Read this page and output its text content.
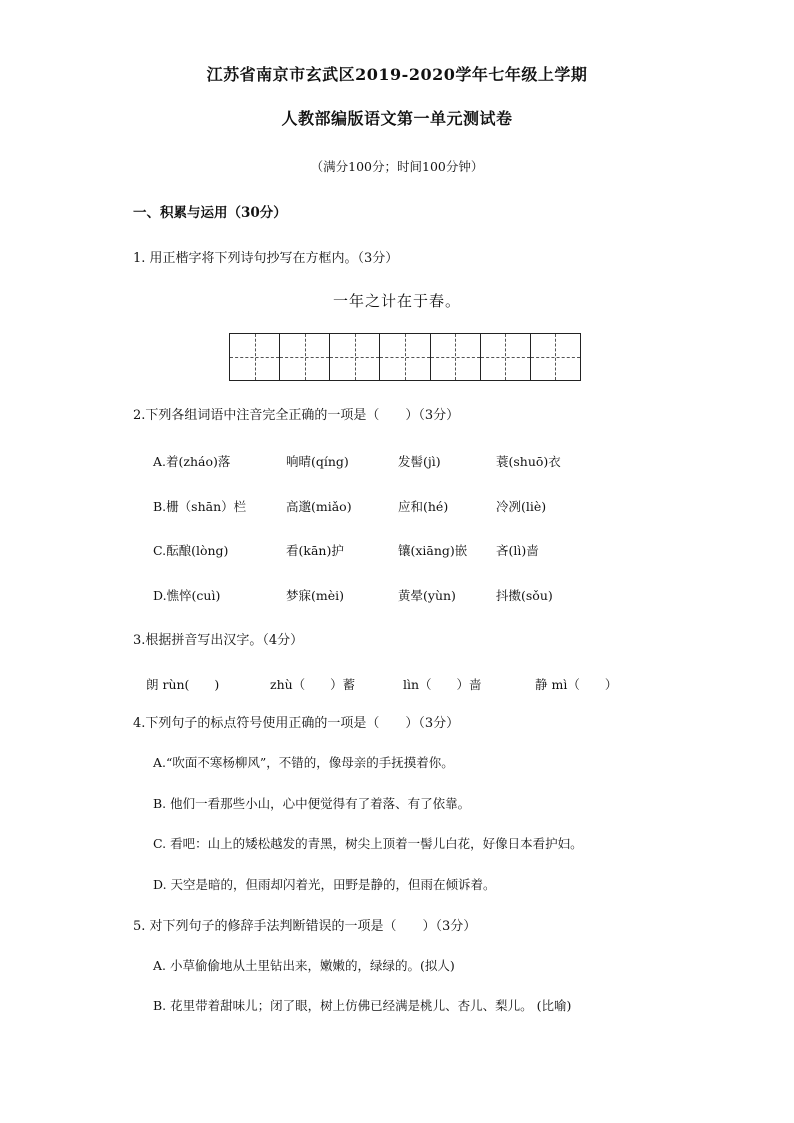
江苏省南京市玄武区2019-2020学年七年级上学期
人教部编版语文第一单元测试卷
（满分100分；时间100分钟）
一、积累与运用（30分）
1. 用正楷字将下列诗句抄写在方框内。（3分）
一年之计在于春。
2.下列各组词语中注音完全正确的一项是（　　）（3分）
A.着(zháo)落	响晴(qíng)	发髻(jì)	蓑(shuō)衣
B.栅（shān）栏	高邈(miǎo)	应和(hé)	冷冽(liè)
C.酝酿(lòng)	看(kān)护	镶(xiāng)嵌 吝(lì)啬
D.憔悴(cuì)	梦寐(mèi)	黄晕(yùn)	抖擞(sǒu)
3.根据拼音写出汉字。（4分）
朗 rùn(　　)	zhù（　　）蓄	lìn（　　）啬	静 mì（　　）
4.下列句子的标点符号使用正确的一项是（　　）（3分）
A.“吹面不寒杨柳风”，不错的，像母亲的手抚摸着你。
B. 他们一看那些小山，心中便觉得有了着落、有了依靠。
C. 看吧：山上的矮松越发的青黑，树尖上顶着一髻儿白花，好像日本看护妇。
D. 天空是暗的，但雨却闪着光，田野是静的，但雨在倾诉着。
5. 对下列句子的修辞手法判断错误的一项是（　　）（3分）
A. 小草偷偷地从土里钻出来，嫩嫩的，绿绿的。(拟人)
B. 花里带着甜味儿；闭了眼，树上仿佛已经满是桃儿、杏儿、梨儿。 (比喻)
